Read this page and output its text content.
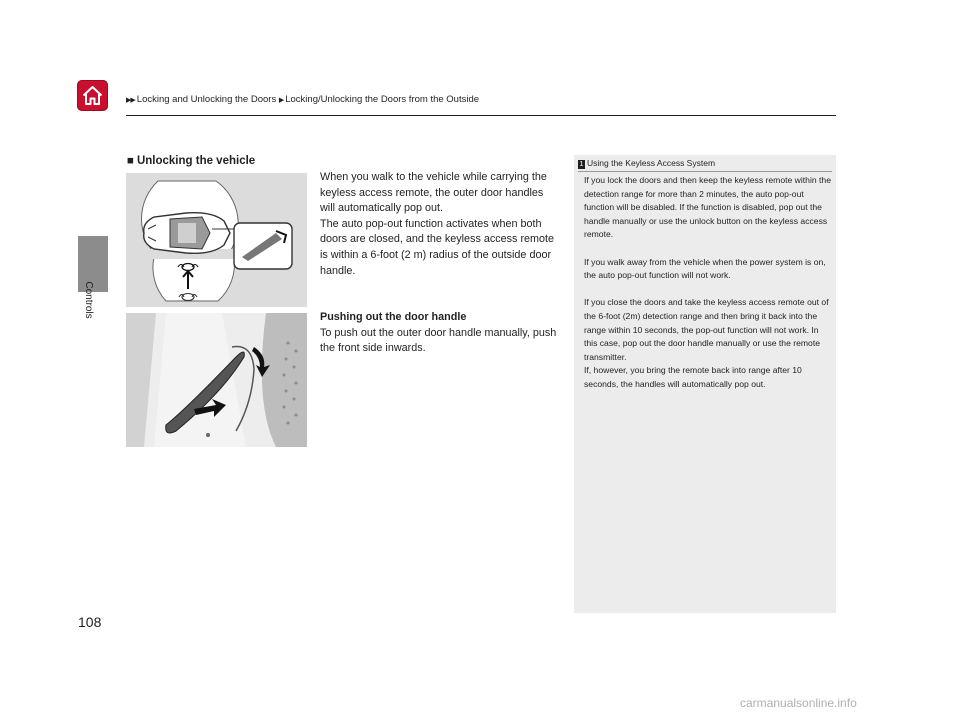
▶▶ Locking and Unlocking the Doors ▶ Locking/Unlocking the Doors from the Outside
Controls
■ Unlocking the vehicle

When you walk to the vehicle while carrying the keyless access remote, the outer door handles will automatically pop out.

The auto pop-out function activates when both doors are closed, and the keyless access remote is within a 6-foot (2 m) radius of the outside door handle.

Pushing out the door handle
To push out the outer door handle manually, push the front side inwards.
1 Using the Keyless Access System

If you lock the doors and then keep the keyless remote within the detection range for more than 2 minutes, the auto pop-out function will be disabled. If the function is disabled, pop out the handle manually or use the unlock button on the keyless access remote.

If you walk away from the vehicle when the power system is on, the auto pop-out function will not work.

If you close the doors and take the keyless access remote out of the 6-foot (2m) detection range and then bring it back into the range within 10 seconds, the pop-out function will not work. In this case, pop out the door handle manually or use the remote transmitter.

If, however, you bring the remote back into range after 10 seconds, the handles will automatically pop out.

108
carmanualsonline.info
